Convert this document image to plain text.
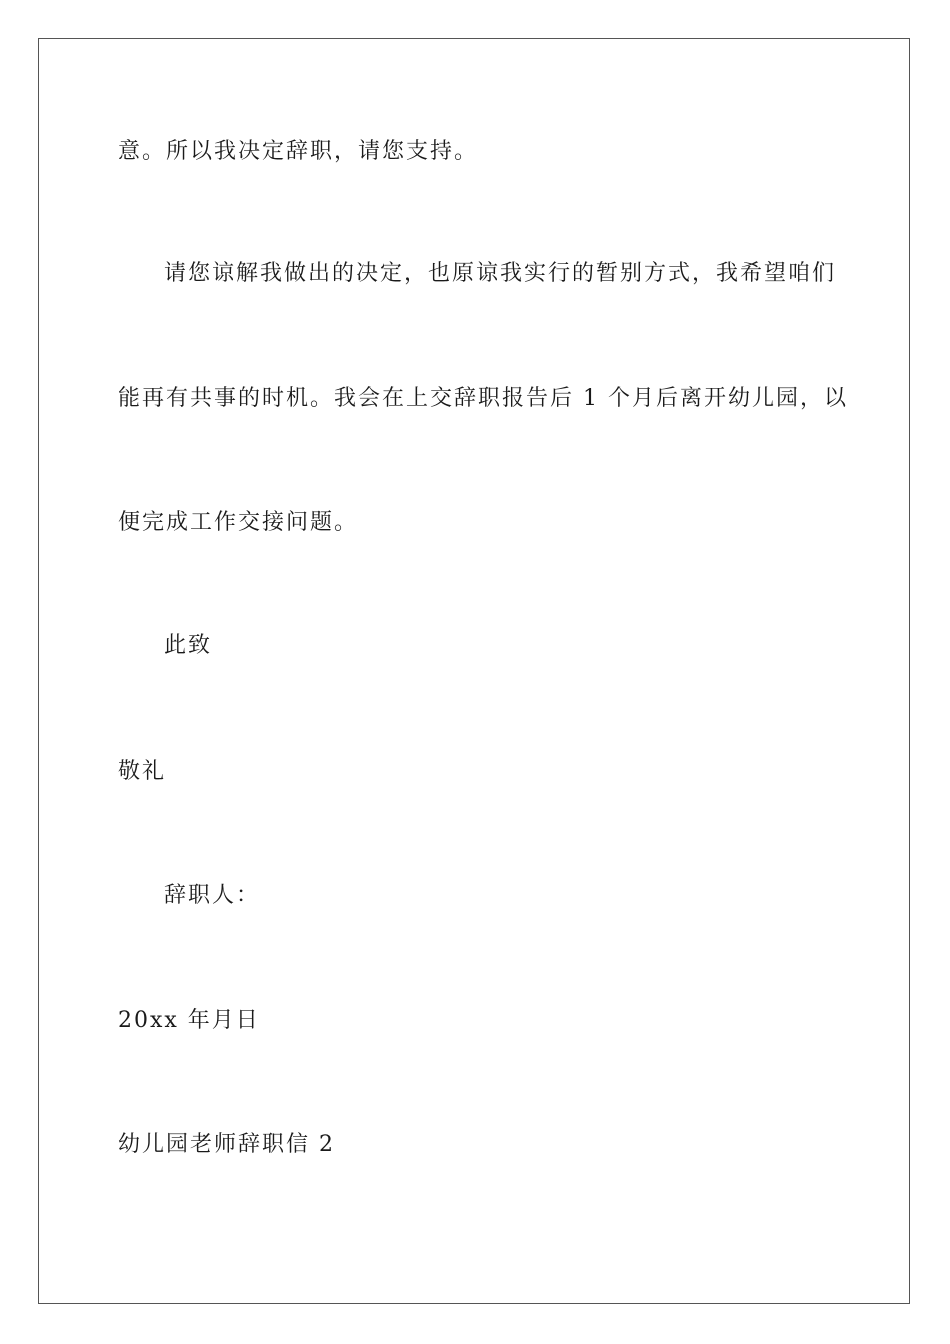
意。所以我决定辞职，请您支持。
请您谅解我做出的决定，也原谅我实行的暂别方式，我希望咱们
能再有共事的时机。我会在上交辞职报告后 1 个月后离开幼儿园，以
便完成工作交接问题。
此致
敬礼
辞职人：
20xx 年月日
幼儿园老师辞职信 2
